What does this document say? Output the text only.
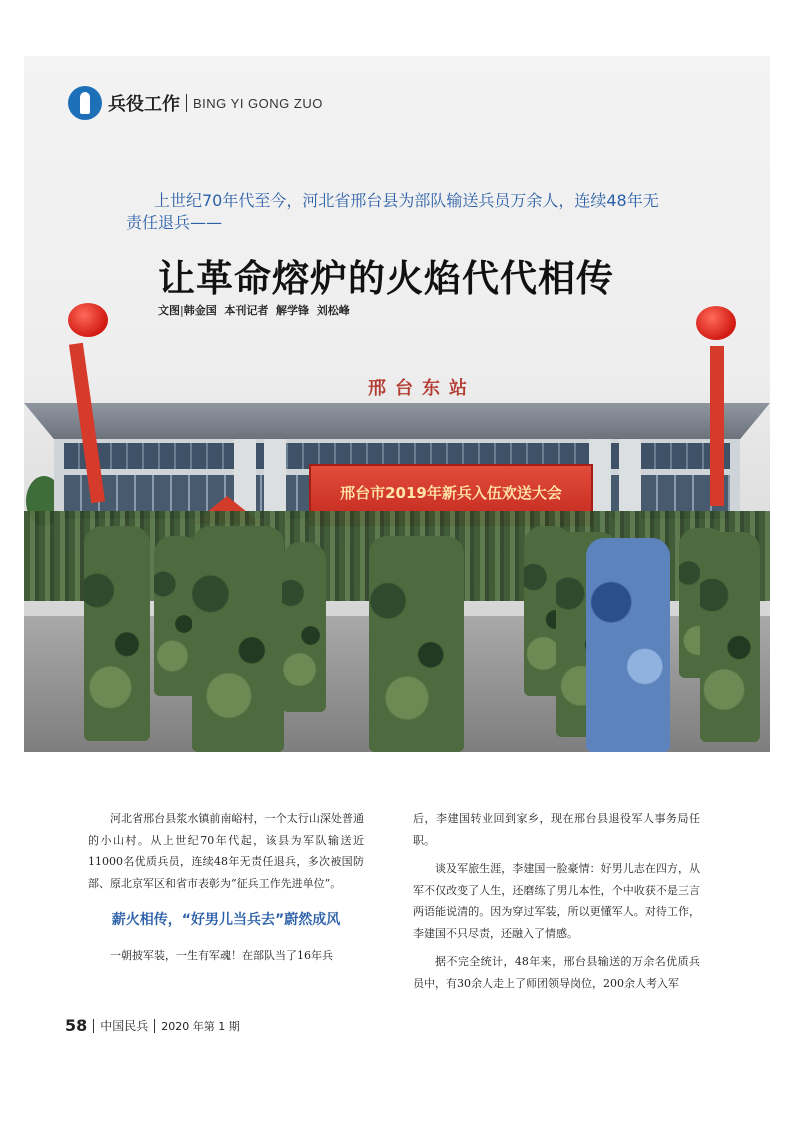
邢台东站
邢台市2019年新兵入伍欢送大会
兵役工作 BING YI GONG ZUO
上世纪70年代至今，河北省邢台县为部队输送兵员万余人，连续48年无责任退兵——
让革命熔炉的火焰代代相传
文图|韩金国  本刊记者  解学锋  刘松峰

河北省邢台县浆水镇前南峪村，一个太行山深处普通的小山村。从上世纪70年代起，该县为军队输送近11000名优质兵员，连续48年无责任退兵，多次被国防部、原北京军区和省市表彰为“征兵工作先进单位”。

薪火相传，“好男儿当兵去”蔚然成风

一朝披军装，一生有军魂！在部队当了16年兵

后，李建国转业回到家乡，现在邢台县退役军人事务局任职。

谈及军旅生涯，李建国一脸豪情：好男儿志在四方，从军不仅改变了人生，还磨练了男儿本性，个中收获不是三言两语能说清的。因为穿过军装，所以更懂军人。对待工作，李建国不只尽责，还融入了情感。

据不完全统计，48年来，邢台县输送的万余名优质兵员中，有30余人走上了师团领导岗位，200余人考入军

58 中国民兵 2020 年第 1 期
